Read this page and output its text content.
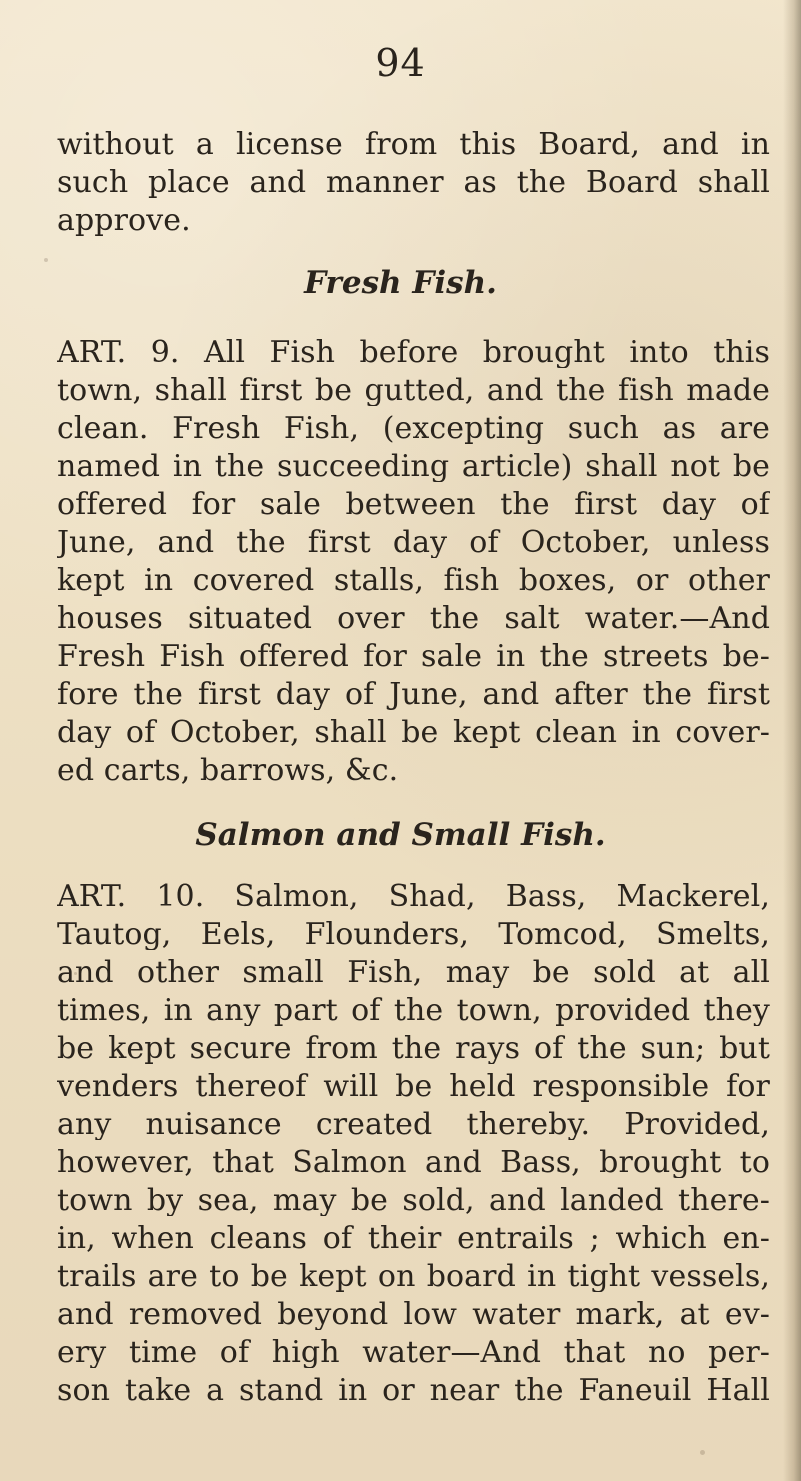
94
without a license from this Board, and in
such place and manner as the Board shall
approve.
Fresh Fish.
ART. 9. All Fish before brought into this
town, shall first be gutted, and the fish made
clean. Fresh Fish, (excepting such as are
named in the succeeding article) shall not be
offered for sale between the first day of
June, and the first day of October, unless
kept in covered stalls, fish boxes, or other
houses situated over the salt water.—And
Fresh Fish offered for sale in the streets be-
fore the first day of June, and after the first
day of October, shall be kept clean in cover-
ed carts, barrows, &c.
Salmon and Small Fish.
ART. 10. Salmon, Shad, Bass, Mackerel,
Tautog, Eels, Flounders, Tomcod, Smelts,
and other small Fish, may be sold at all
times, in any part of the town, provided they
be kept secure from the rays of the sun; but
venders thereof will be held responsible for
any nuisance created thereby. Provided,
however, that Salmon and Bass, brought to
town by sea, may be sold, and landed there-
in, when cleans of their entrails ; which en-
trails are to be kept on board in tight vessels,
and removed beyond low water mark, at ev-
ery time of high water—And that no per-
son take a stand in or near the Faneuil Hall
